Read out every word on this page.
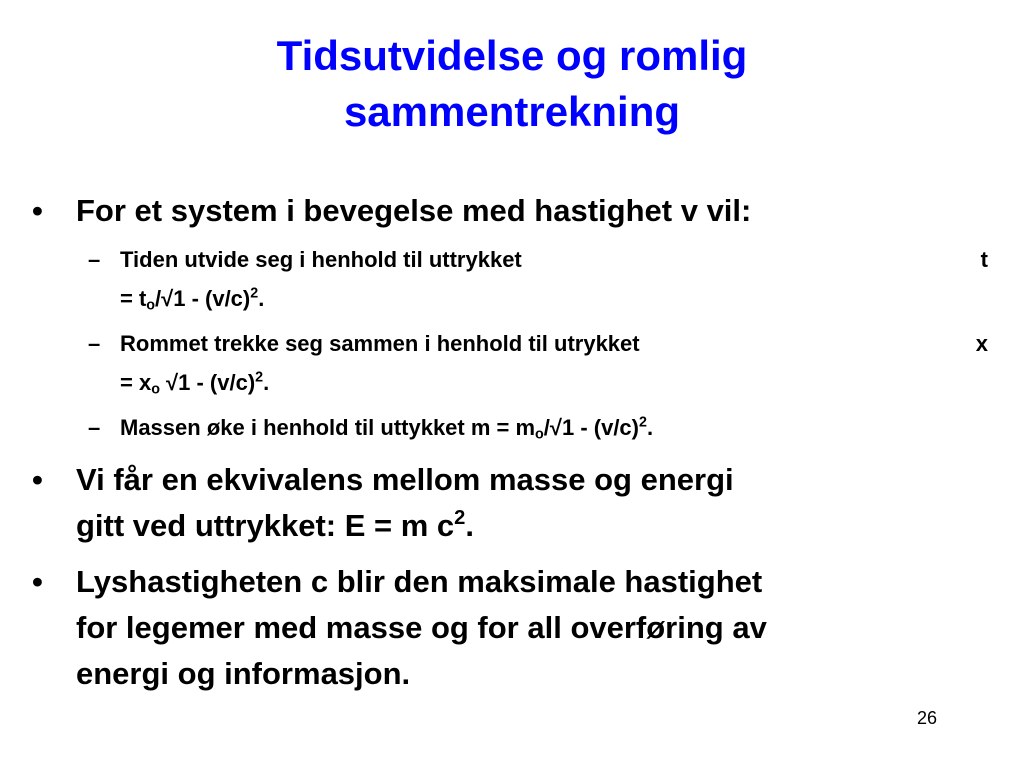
Tidsutvidelse og romlig
sammentrekning

• For et system i bevegelse med hastighet v vil:

– Tiden utvide seg i henhold til uttrykket	t
= $t_o/√1 - (v/c)^2$.

– Rommet trekke seg sammen i henhold til utrykket	x
= $x_o$ $√1 - (v/c)^2$.

– Massen øke i henhold til uttykket $m = m_o/√1 - (v/c)^2$.

• Vi får en ekvivalens mellom masse og energi
gitt ved uttrykket: E = m $c^2$.

• Lyshastigheten c blir den maksimale hastighet
for legemer med masse og for all overføring av
energi og informasjon.

26
